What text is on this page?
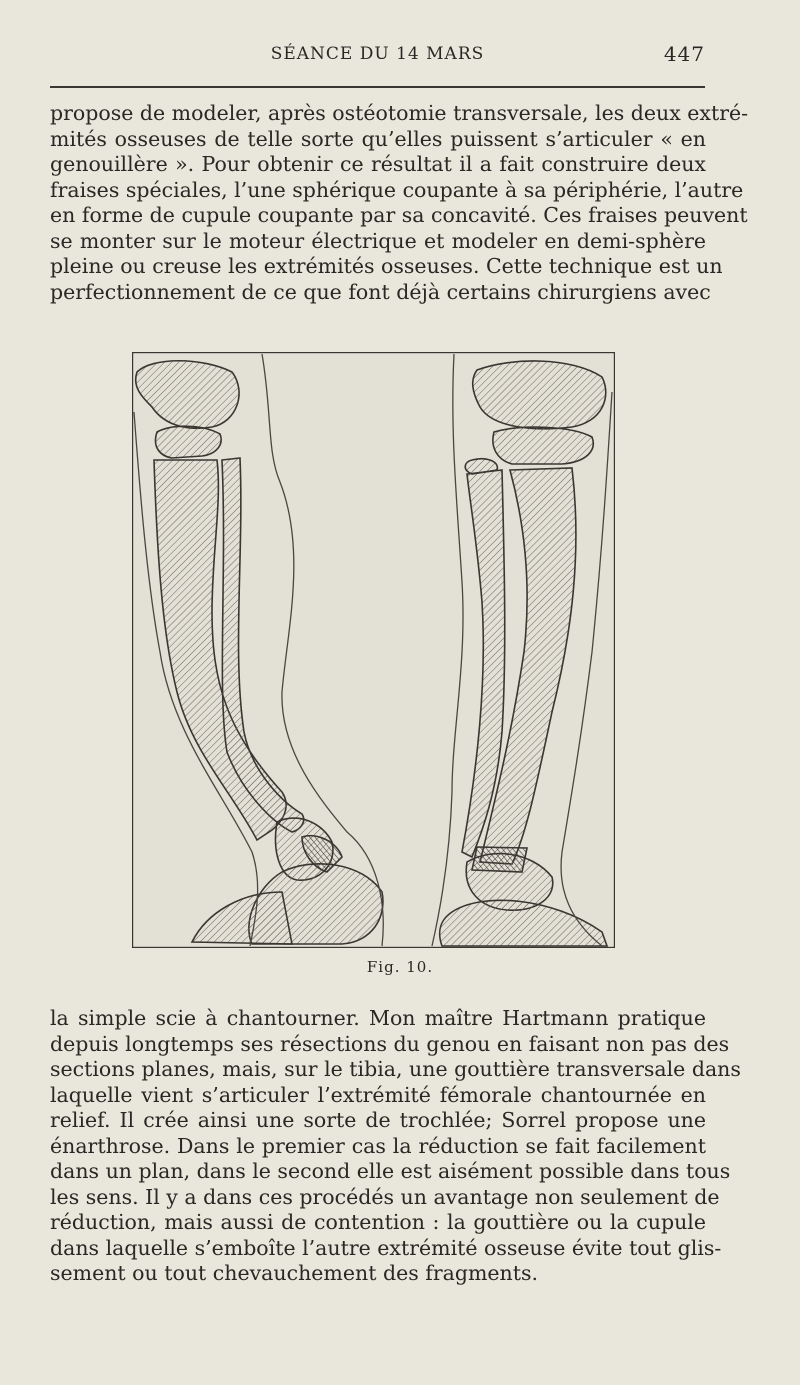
SÉANCE DU 14 MARS	447
propose de modeler, après ostéotomie transversale, les deux extré-
mités osseuses de telle sorte qu’elles puissent s’articuler « en
genouillère ». Pour obtenir ce résultat il a fait construire deux
fraises spéciales, l’une sphérique coupante à sa périphérie, l’autre
en forme de cupule coupante par sa concavité. Ces fraises peuvent
se monter sur le moteur électrique et modeler en demi-sphère
pleine ou creuse les extrémités osseuses. Cette technique est un
perfectionnement de ce que font déjà certains chirurgiens avec
Fig. 10.
la simple scie à chantourner. Mon maître Hartmann pratique
depuis longtemps ses résections du genou en faisant non pas des
sections planes, mais, sur le tibia, une gouttière transversale dans
laquelle vient s’articuler l’extrémité fémorale chantournée en
relief. Il crée ainsi une sorte de trochlée; Sorrel propose une
énarthrose. Dans le premier cas la réduction se fait facilement
dans un plan, dans le second elle est aisément possible dans tous
les sens. Il y a dans ces procédés un avantage non seulement de
réduction, mais aussi de contention : la gouttière ou la cupule
dans laquelle s’emboîte l’autre extrémité osseuse évite tout glis-
sement ou tout chevauchement des fragments.
